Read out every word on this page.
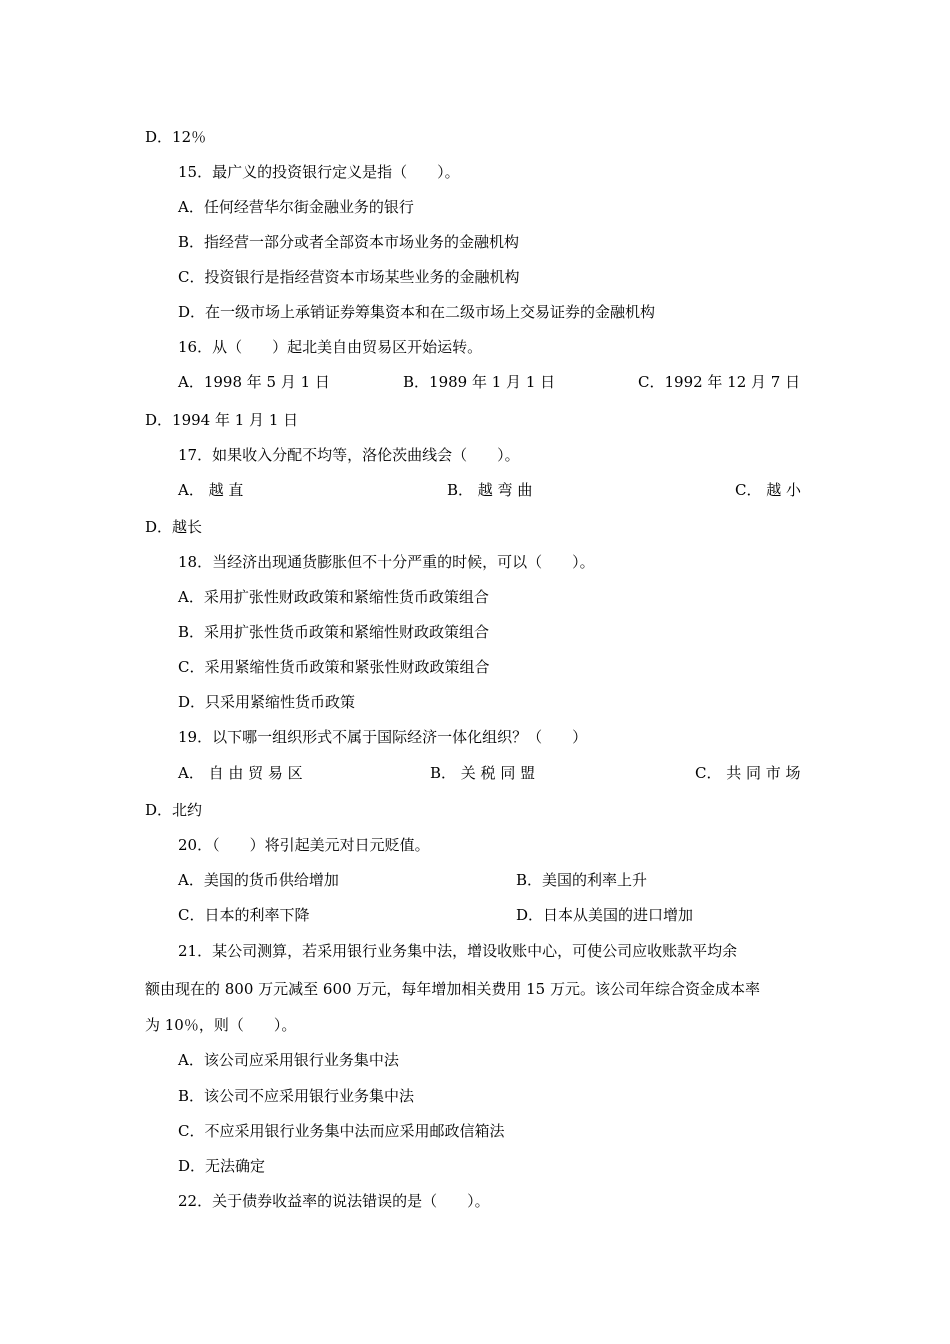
D．12％
15．最广义的投资银行定义是指（　　）。
A．任何经营华尔街金融业务的银行
B．指经营一部分或者全部资本市场业务的金融机构
C．投资银行是指经营资本市场某些业务的金融机构
D．在一级市场上承销证券筹集资本和在二级市场上交易证券的金融机构
16．从（　　）起北美自由贸易区开始运转。
A．1998 年 5 月 1 日	B．1989 年 1 月 1 日	C．1992 年 12 月 7 日
D．1994 年 1 月 1 日
17．如果收入分配不均等，洛伦茨曲线会（　　）。
A． 越 直	B． 越 弯 曲	C． 越 小
D．越长
18．当经济出现通货膨胀但不十分严重的时候，可以（　　）。
A．采用扩张性财政政策和紧缩性货币政策组合
B．采用扩张性货币政策和紧缩性财政政策组合
C．采用紧缩性货币政策和紧张性财政政策组合
D．只采用紧缩性货币政策
19．以下哪一组织形式不属于国际经济一体化组织？（　　）
A． 自 由 贸 易 区	B． 关 税 同 盟	C． 共 同 市 场
D．北约
20．（　　）将引起美元对日元贬值。
A．美国的货币供给增加	B．美国的利率上升
C．日本的利率下降	D．日本从美国的进口增加
21．某公司测算，若采用银行业务集中法，增设收账中心，可使公司应收账款平均余
额由现在的 800 万元减至 600 万元，每年增加相关费用 15 万元。该公司年综合资金成本率
为 10％，则（　　）。
A．该公司应采用银行业务集中法
B．该公司不应采用银行业务集中法
C．不应采用银行业务集中法而应采用邮政信箱法
D．无法确定
22．关于债券收益率的说法错误的是（　　）。
